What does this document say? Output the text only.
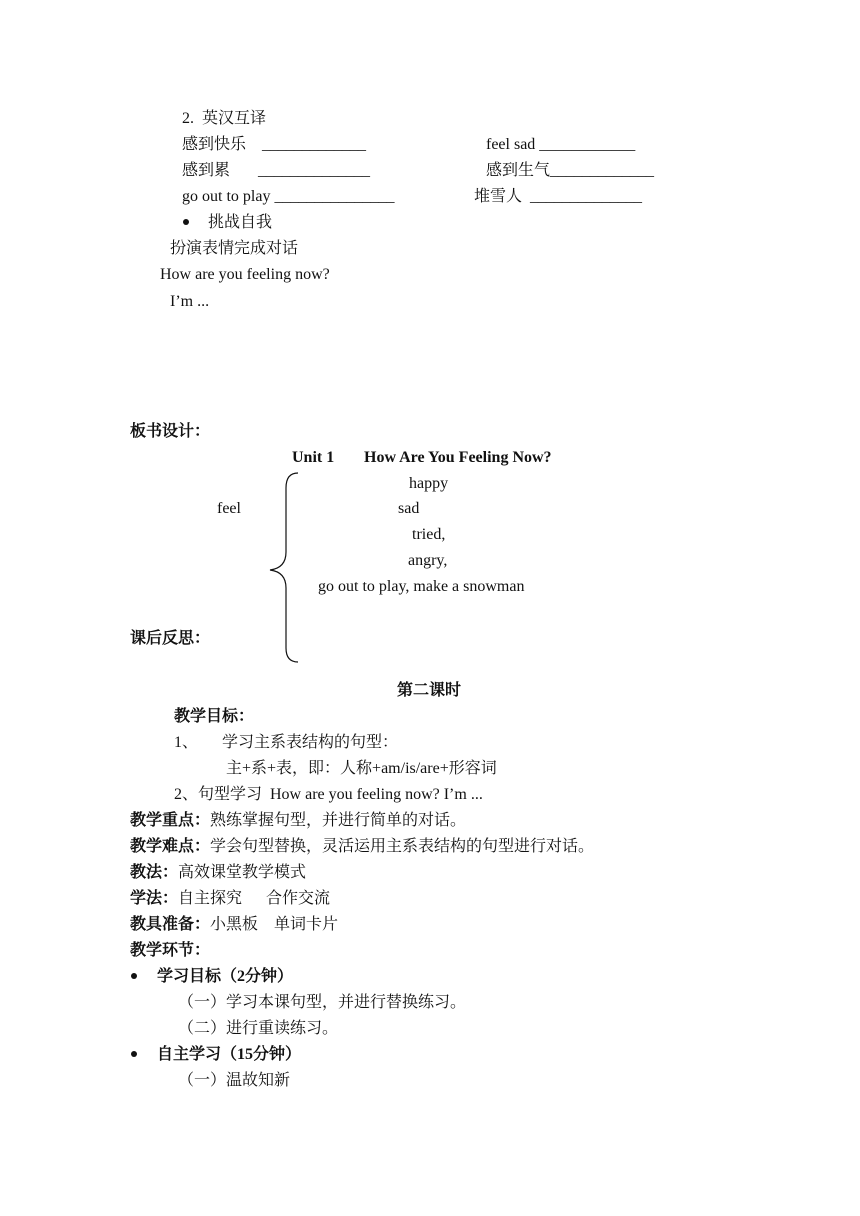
2.  英汉互译
感到快乐    _____________	feel sad ____________
感到累       ______________	感到生气_____________
go out to play _______________	堆雪人  ______________
挑战自我
扮演表情完成对话
How are you feeling now?
I’m ...
板书设计：
Unit 1 How Are You Feeling Now?
feel
happy
sad
tried,
angry,
go out to play, make a snowman
课后反思：
第二课时
教学目标：
1、 学习主系表结构的句型：
主+系+表，即：人称+am/is/are+形容词
2、句型学习  How are you feeling now? I’m ...
教学重点：熟练掌握句型，并进行简单的对话。
教学难点：学会句型替换，灵活运用主系表结构的句型进行对话。
教法：高效课堂教学模式
学法：自主探究      合作交流
教具准备：小黑板    单词卡片
教学环节：
学习目标（2分钟）
（一）学习本课句型，并进行替换练习。
（二）进行重读练习。
自主学习（15分钟）
（一）温故知新
